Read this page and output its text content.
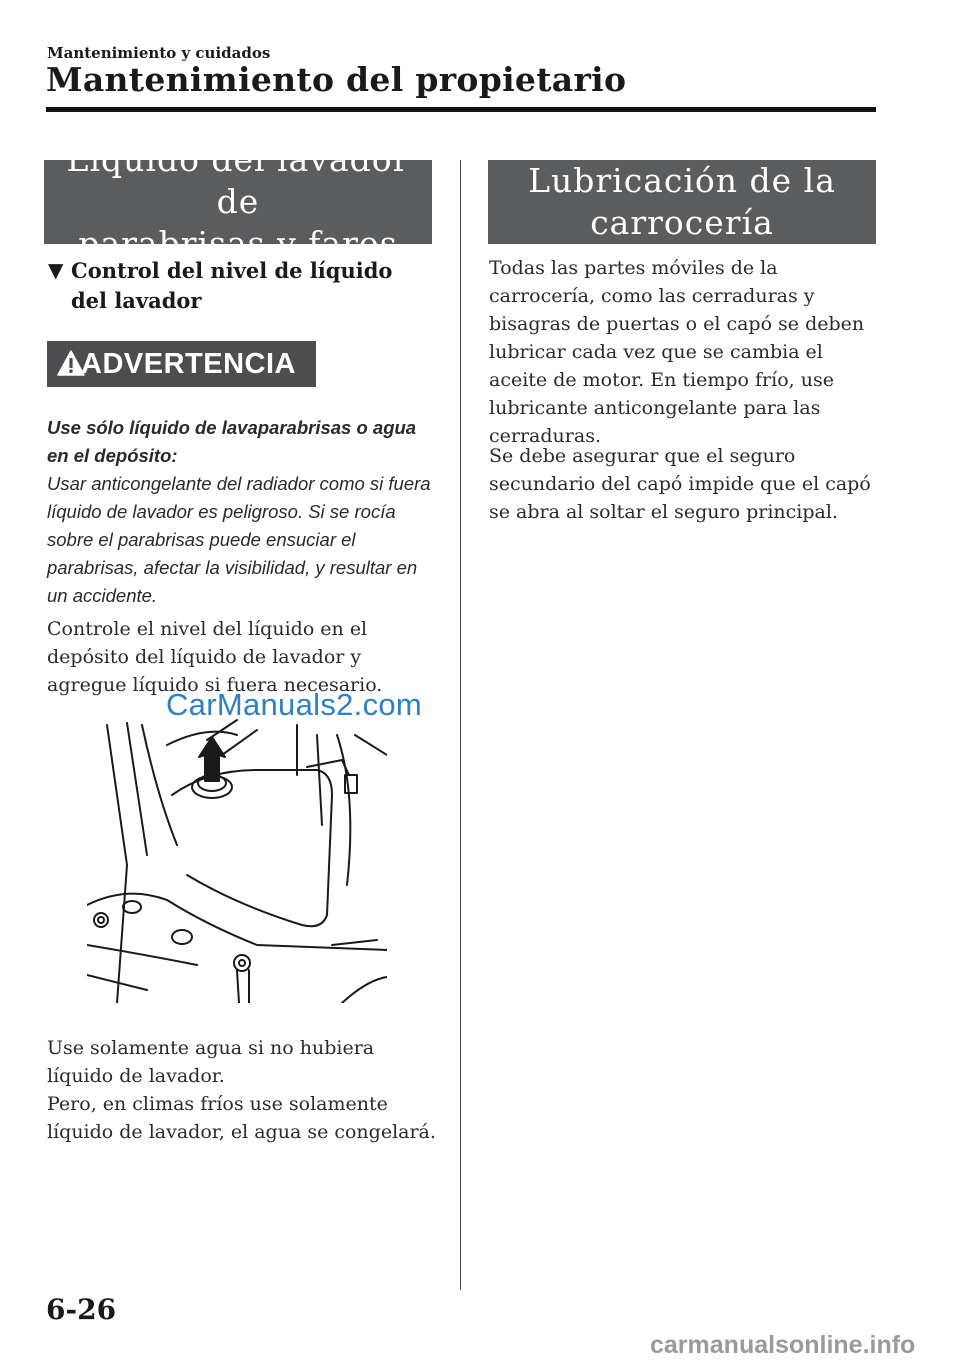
Mantenimiento y cuidados
Mantenimiento del propietario
Líquido del lavador de
parabrisas y faros
▼ Control del nivel de líquido del lavador
ADVERTENCIA
Use sólo líquido de lavaparabrisas o agua en el depósito:
Usar anticongelante del radiador como si fuera líquido de lavador es peligroso. Si se rocía sobre el parabrisas puede ensuciar el parabrisas, afectar la visibilidad, y resultar en un accidente.
Controle el nivel del líquido en el depósito del líquido de lavador y agregue líquido si fuera necesario.
CarManuals2.com
Use solamente agua si no hubiera líquido de lavador.
Pero, en climas fríos use solamente líquido de lavador, el agua se congelará.
Lubricación de la
carrocería
Todas las partes móviles de la carrocería, como las cerraduras y bisagras de puertas o el capó se deben lubricar cada vez que se cambia el aceite de motor. En tiempo frío, use lubricante anticongelante para las cerraduras.
Se debe asegurar que el seguro secundario del capó impide que el capó se abra al soltar el seguro principal.
6-26
carmanualsonline.info
